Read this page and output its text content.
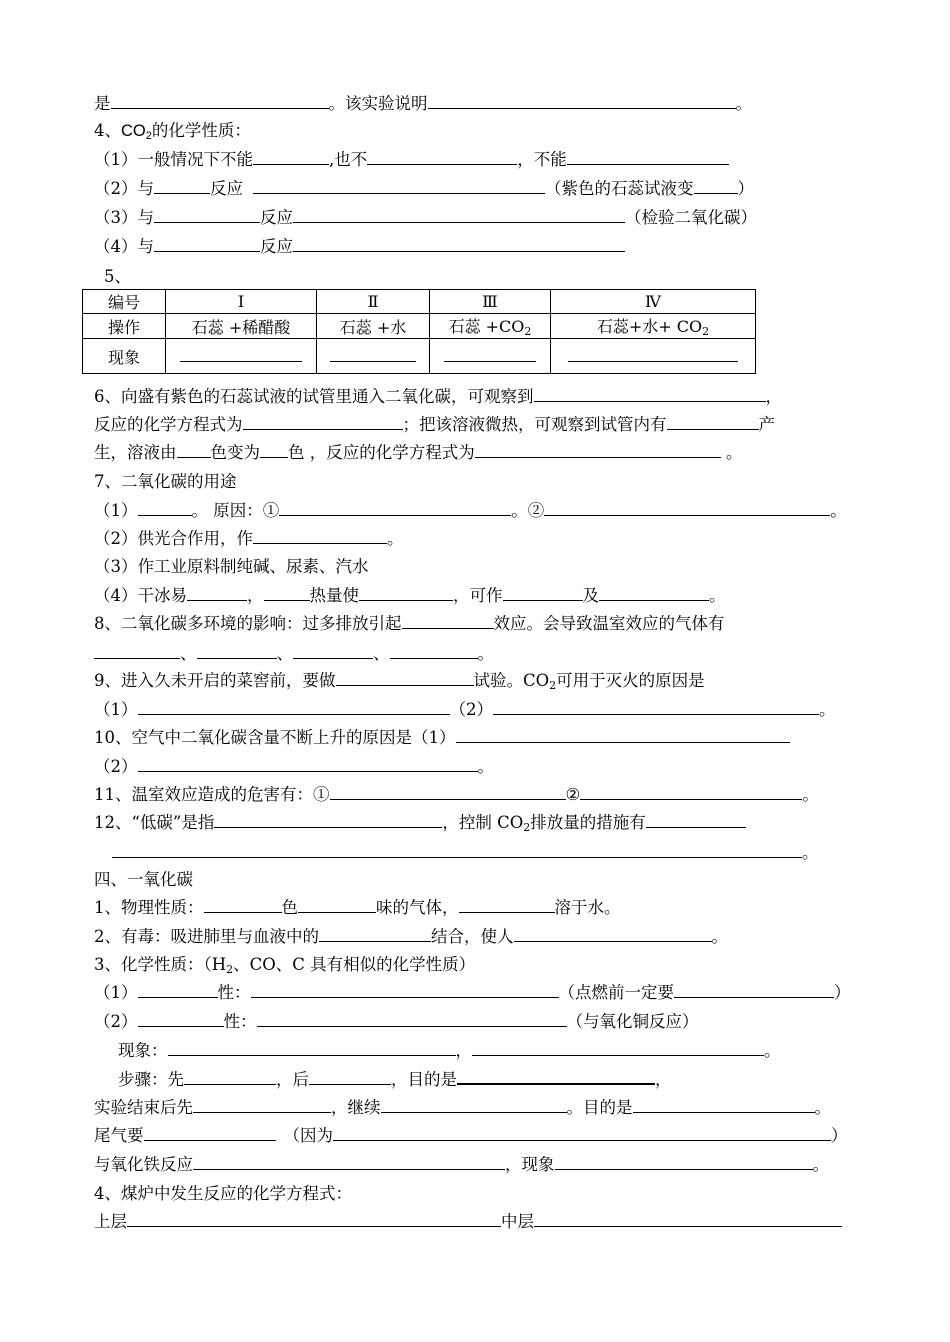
是	。该实验说明	。
4、$CO_2$的化学性质：
（1）一般情况下不能	,也不	，不能
（2）与	反应	（紫色的石蕊试液变	）
（3）与	反应	（检验二氧化碳）
（4）与	反应
5、
编号	Ⅰ	Ⅱ	Ⅲ	Ⅳ
操作	石蕊 +稀醋酸	石蕊 +水	石蕊 $+CO_2$	石蕊+水+ $CO_2$
现象				
6、向盛有紫色的石蕊试液的试管里通入二氧化碳，可观察到	，
反应的化学方程式为	；把该溶液微热，可观察到试管内有	产
生，溶液由 色变为 色 ，反应的化学方程式为	。
7、二氧化碳的用途
（1）	。 原因：①	。②	。
（2）供光合作用，作	。
（3）作工业原料制纯碱、尿素、汽水
（4）干冰易	，	热量使	，可作	及	。
8、二氧化碳多环境的影响：过多排放引起	效应。会导致温室效应的气体有
、	、	、	。
9、进入久未开启的菜窖前，要做	试验。$CO_2$可用于灭火的原因是
（1）	（2）	。
10、空气中二氧化碳含量不断上升的原因是（1）
（2）	。
11、温室效应造成的危害有：①	②	。
12、“低碳”是指	，控制 $CO_2$排放量的措施有
。
四、一氧化碳
1、物理性质：	色	味的气体，	溶于水。
2、有毒：吸进肺里与血液中的	结合，使人	。
3、化学性质：（$H_2$、CO、C 具有相似的化学性质）
（1）	性：	（点燃前一定要	）
（2）	性：	（与氧化铜反应）
现象：	，	。
步骤：先	，后	，目的是	，
实验结束后先	，继续	。目的是	。
尾气要	（因为	）
与氧化铁反应	，现象	。
4、煤炉中发生反应的化学方程式：
上层	中层
